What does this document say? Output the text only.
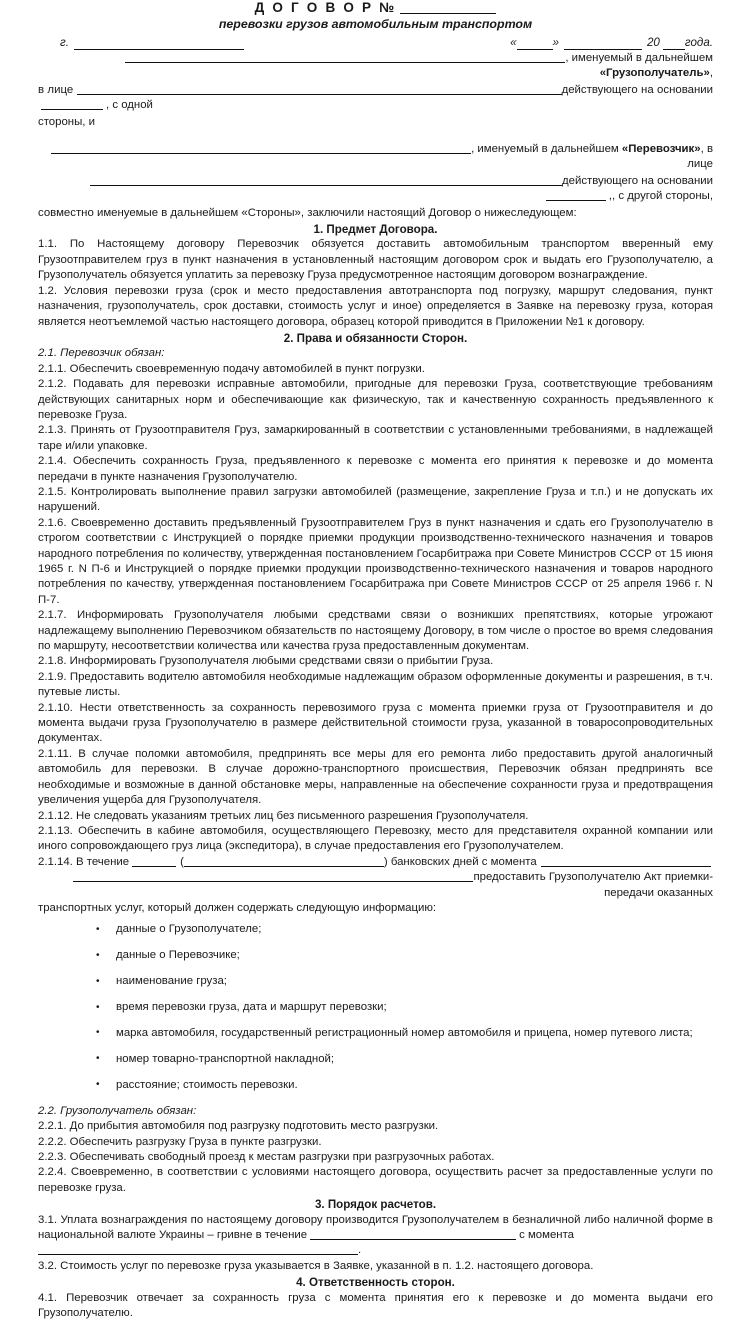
Д О Г О В О Р №
перевозки грузов автомобильным транспортом
г.	«	»	20 года.
, именуемый в дальнейшем «Грузополучатель»,
в лице	действующего на основании, с одной
стороны, и
, именуемый в дальнейшем «Перевозчик», в лице
действующего на основании,, с другой стороны,
совместно именуемые в дальнейшем «Стороны», заключили настоящий Договор о нижеследующем:
1. Предмет Договора.

1.1. По Настоящему договору Перевозчик обязуется доставить автомобильным транспортом вверенный ему Грузоотправителем груз в пункт назначения в установленный настоящим договором срок и выдать его Грузополучателю, а Грузополучатель обязуется уплатить за перевозку Груза предусмотренное настоящим договором вознаграждение.

1.2. Условия перевозки груза (срок и место предоставления автотранспорта под погрузку, маршрут следования, пункт назначения, грузополучатель, срок доставки, стоимость услуг и иное) определяется в Заявке на перевозку груза, которая является неотъемлемой частью настоящего договора, образец которой приводится в Приложении №1 к договору.

2. Права и обязанности Сторон.

2.1. Перевозчик обязан:

2.1.1. Обеспечить своевременную подачу автомобилей в пункт погрузки.

2.1.2. Подавать для перевозки исправные автомобили, пригодные для перевозки Груза, соответствующие требованиям действующих санитарных норм и обеспечивающие как физическую, так и качественную сохранность предъявленного к перевозке Груза.

2.1.3. Принять от Грузоотправителя Груз, замаркированный в соответствии с установленными требованиями, в надлежащей таре и/или упаковке.

2.1.4. Обеспечить сохранность Груза, предъявленного к перевозке с момента его принятия к перевозке и до момента передачи в пункте назначения Грузополучателю.

2.1.5. Контролировать выполнение правил загрузки автомобилей (размещение, закрепление Груза и т.п.) и не допускать их нарушений.

2.1.6. Своевременно доставить предъявленный Грузоотправителем Груз в пункт назначения и сдать его Грузополучателю в строгом соответствии с Инструкцией о порядке приемки продукции производственно-технического назначения и товаров народного потребления по количеству, утвержденная постановлением Госарбитража при Совете Министров СССР от 15 июня 1965 г. N П-6 и Инструкцией о порядке приемки продукции производственно-технического назначения и товаров народного потребления по качеству, утвержденная постановлением Госарбитража при Совете Министров СССР от 25 апреля 1966 г. N П-7.

2.1.7. Информировать Грузополучателя любыми средствами связи о возникших препятствиях, которые угрожают надлежащему выполнению Перевозчиком обязательств по настоящему Договору, в том числе о простое во время следования по маршруту, несоответствии количества или качества груза предоставленным документам.

2.1.8. Информировать Грузополучателя любыми средствами связи о прибытии Груза.

2.1.9. Предоставить водителю автомобиля необходимые надлежащим образом оформленные документы и разрешения, в т.ч. путевые листы.

2.1.10. Нести ответственность за сохранность перевозимого груза с момента приемки груза от Грузоотправителя и до момента выдачи груза Грузополучателю в размере действительной стоимости груза, указанной в товаросопроводительных документах.

2.1.11. В случае поломки автомобиля, предпринять все меры для его ремонта либо предоставить другой аналогичный автомобиль для перевозки. В случае дорожно-транспортного происшествия, Перевозчик обязан предпринять все необходимые и возможные в данной обстановке меры, направленные на обеспечение сохранности груза и предотвращения увеличения ущерба для Грузополучателя.

2.1.12. Не следовать указаниям третьих лиц без письменного разрешения Грузополучателя.

2.1.13. Обеспечить в кабине автомобиля, осуществляющего Перевозку, место для представителя охранной компании или иного сопровождающего груз лица (экспедитора), в случае предоставления его Грузополучателем.

2.1.14. В течение	(	) банковских дней с момента

предоставить Грузополучателю Акт приемки-передачи оказанных

транспортных услуг, который должен содержать следующую информацию:

• данные о Грузополучателе;
• данные о Перевозчике;
• наименование груза;
• время перевозки груза, дата и маршрут перевозки;
• марка автомобиля, государственный регистрационный номер автомобиля и прицепа, номер путевого листа;
• номер товарно-транспортной накладной;
• расстояние; стоимость перевозки.

2.2. Грузополучатель обязан:

2.2.1. До прибытия автомобиля под разгрузку подготовить место разгрузки.

2.2.2. Обеспечить разгрузку Груза в пункте разгрузки.

2.2.3. Обеспечивать свободный проезд к местам разгрузки при разгрузочных работах.

2.2.4. Своевременно, в соответствии с условиями настоящего договора, осуществить расчет за предоставленные услуги по перевозке груза.

3. Порядок расчетов.

3.1. Уплата вознаграждения по настоящему договору производится Грузополучателем в безналичной либо наличной форме в национальной валюте Украины – гривне в течение	с момента

.

3.2. Стоимость услуг по перевозке груза указывается в Заявке, указанной в п. 1.2. настоящего договора.

4. Ответственность сторон.

4.1. Перевозчик отвечает за сохранность груза с момента принятия его к перевозке и до момента выдачи его Грузополучателю.
